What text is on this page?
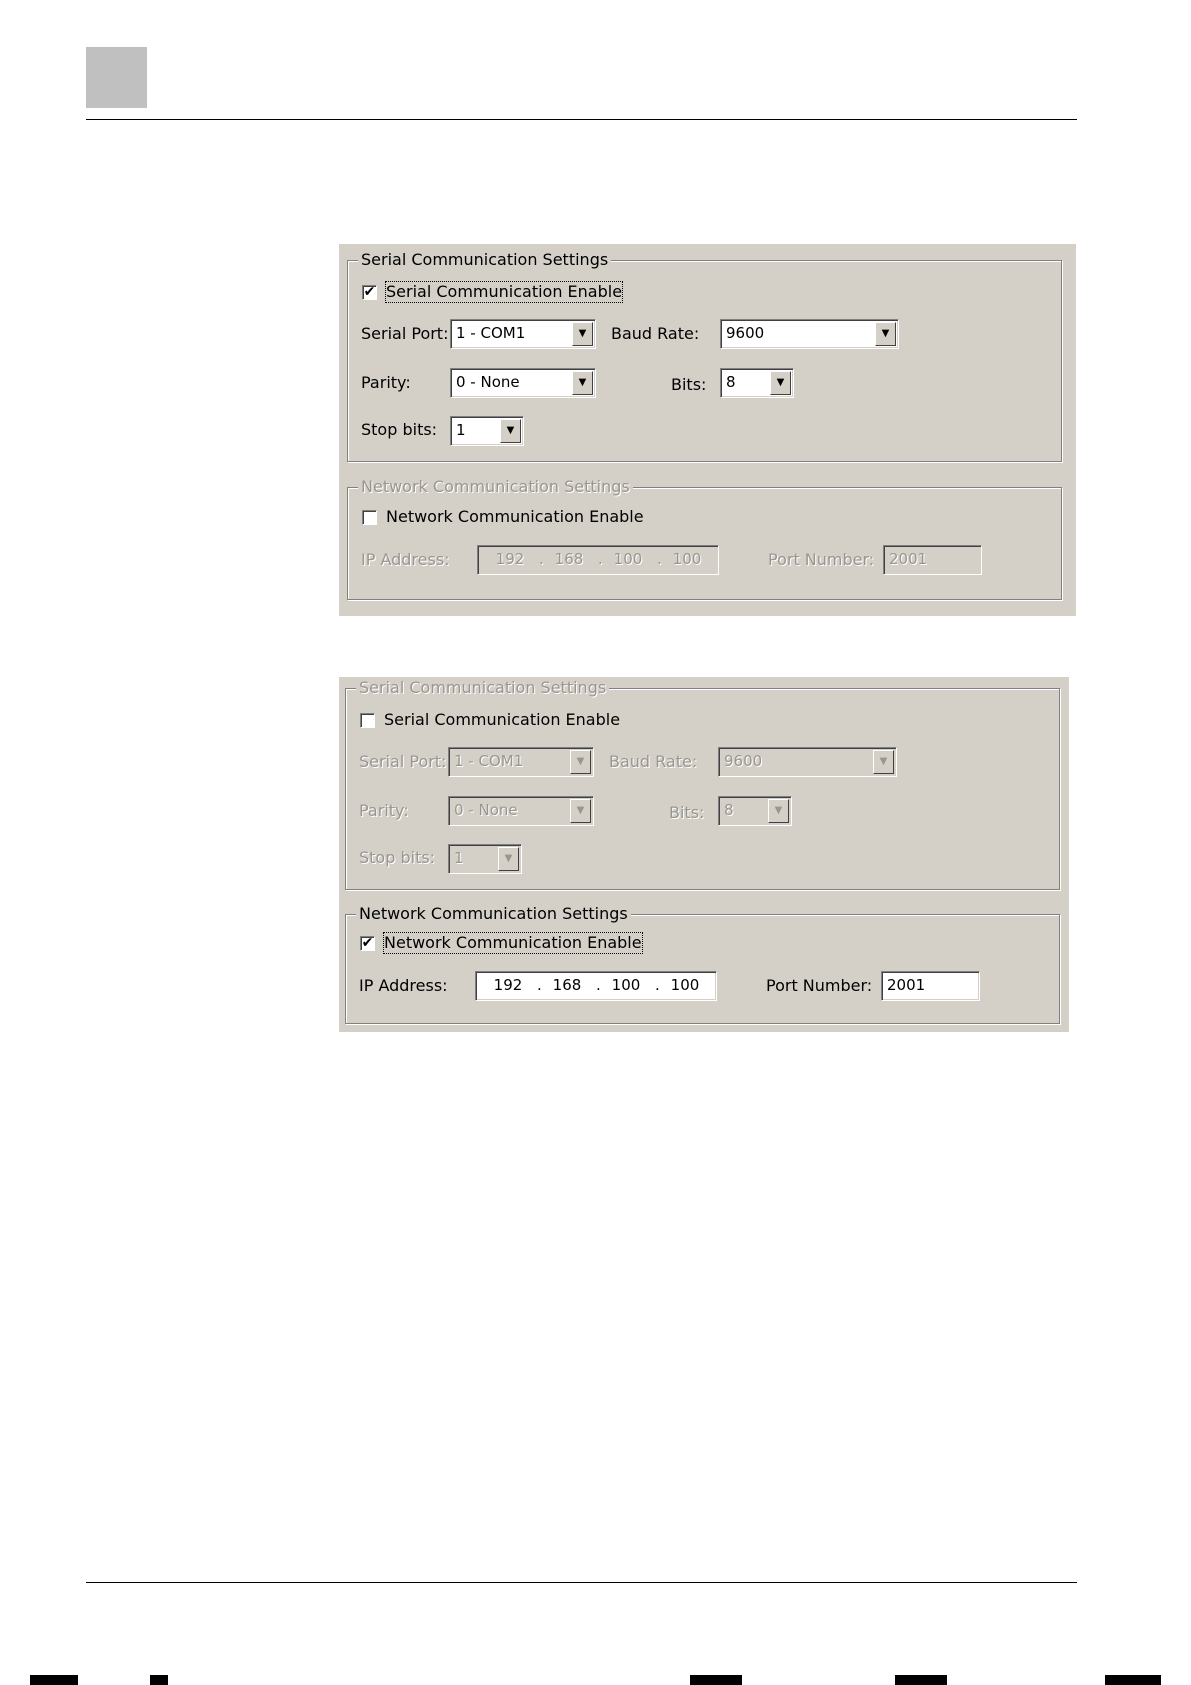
Serial Communication Settings
✔ Serial Communication Enable
Serial Port: 1 - COM1	▼	Baud Rate: 9600	▼
Parity:	0 - None	▼	Bits: 8	▼
Stop bits: 1	▼
Network Communication Settings
Network Communication Enable
IP Address:	192 . 168 . 100 . 100	Port Number: 2001
Serial Communication Settings
Serial Communication Enable
Serial Port: 1 - COM1	▼	Baud Rate: 9600	▼
Parity:	0 - None	▼	Bits: 8	▼
Stop bits: 1	▼
Network Communication Settings
✔ Network Communication Enable
IP Address:	192 . 168 . 100 . 100	Port Number: 2001
